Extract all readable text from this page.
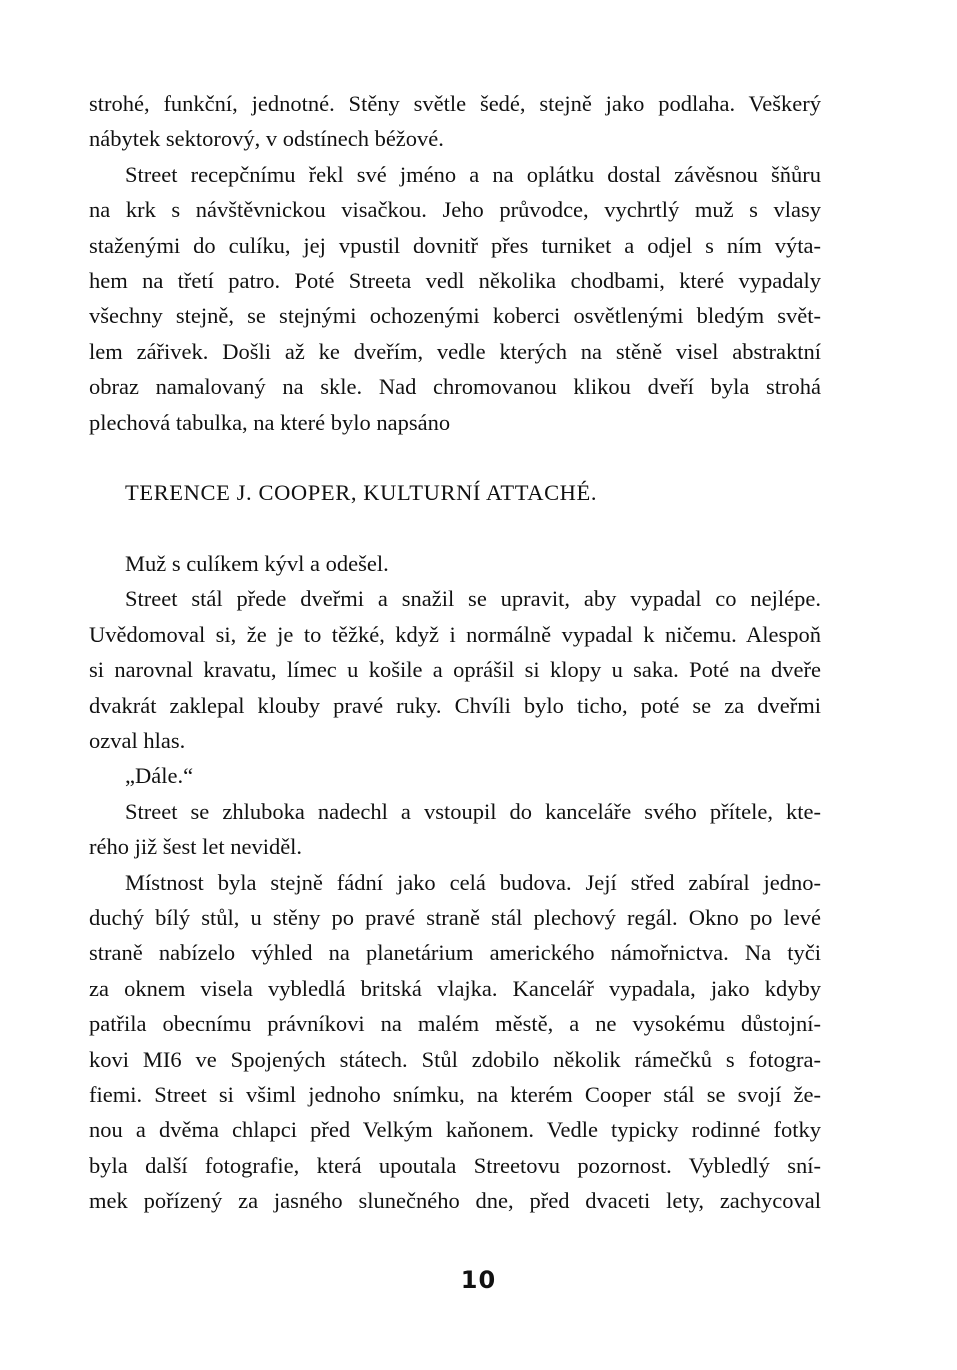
strohé, funkční, jednotné. Stěny světle šedé, stejně jako podlaha. Veškerý
nábytek sektorový, v odstínech béžové.
Street recepčnímu řekl své jméno a na oplátku dostal závěsnou šňůru
na krk s návštěvnickou visačkou. Jeho průvodce, vychrtlý muž s vlasy
staženými do culíku, jej vpustil dovnitř přes turniket a odjel s ním výta-
hem na třetí patro. Poté Streeta vedl několika chodbami, které vypadaly
všechny stejně, se stejnými ochozenými koberci osvětlenými bledým svět-
lem zářivek. Došli až ke dveřím, vedle kterých na stěně visel abstraktní
obraz namalovaný na skle. Nad chromovanou klikou dveří byla strohá
plechová tabulka, na které bylo napsáno
TERENCE J. COOPER, KULTURNÍ ATTACHÉ.
Muž s culíkem kývl a odešel.
Street stál přede dveřmi a snažil se upravit, aby vypadal co nejlépe.
Uvědomoval si, že je to těžké, když i normálně vypadal k ničemu. Alespoň
si narovnal kravatu, límec u košile a oprášil si klopy u saka. Poté na dveře
dvakrát zaklepal klouby pravé ruky. Chvíli bylo ticho, poté se za dveřmi
ozval hlas.
„Dále.“
Street se zhluboka nadechl a vstoupil do kanceláře svého přítele, kte-
rého již šest let neviděl.
Místnost byla stejně fádní jako celá budova. Její střed zabíral jedno-
duchý bílý stůl, u stěny po pravé straně stál plechový regál. Okno po levé
straně nabízelo výhled na planetárium amerického námořnictva. Na tyči
za oknem visela vybledlá britská vlajka. Kancelář vypadala, jako kdyby
patřila obecnímu právníkovi na malém městě, a ne vysokému důstojní-
kovi MI6 ve Spojených státech. Stůl zdobilo několik rámečků s fotogra-
fiemi. Street si všiml jednoho snímku, na kterém Cooper stál se svojí že-
nou a dvěma chlapci před Velkým kaňonem. Vedle typicky rodinné fotky
byla další fotografie, která upoutala Streetovu pozornost. Vybledlý sní-
mek pořízený za jasného slunečného dne, před dvaceti lety, zachycoval
10
